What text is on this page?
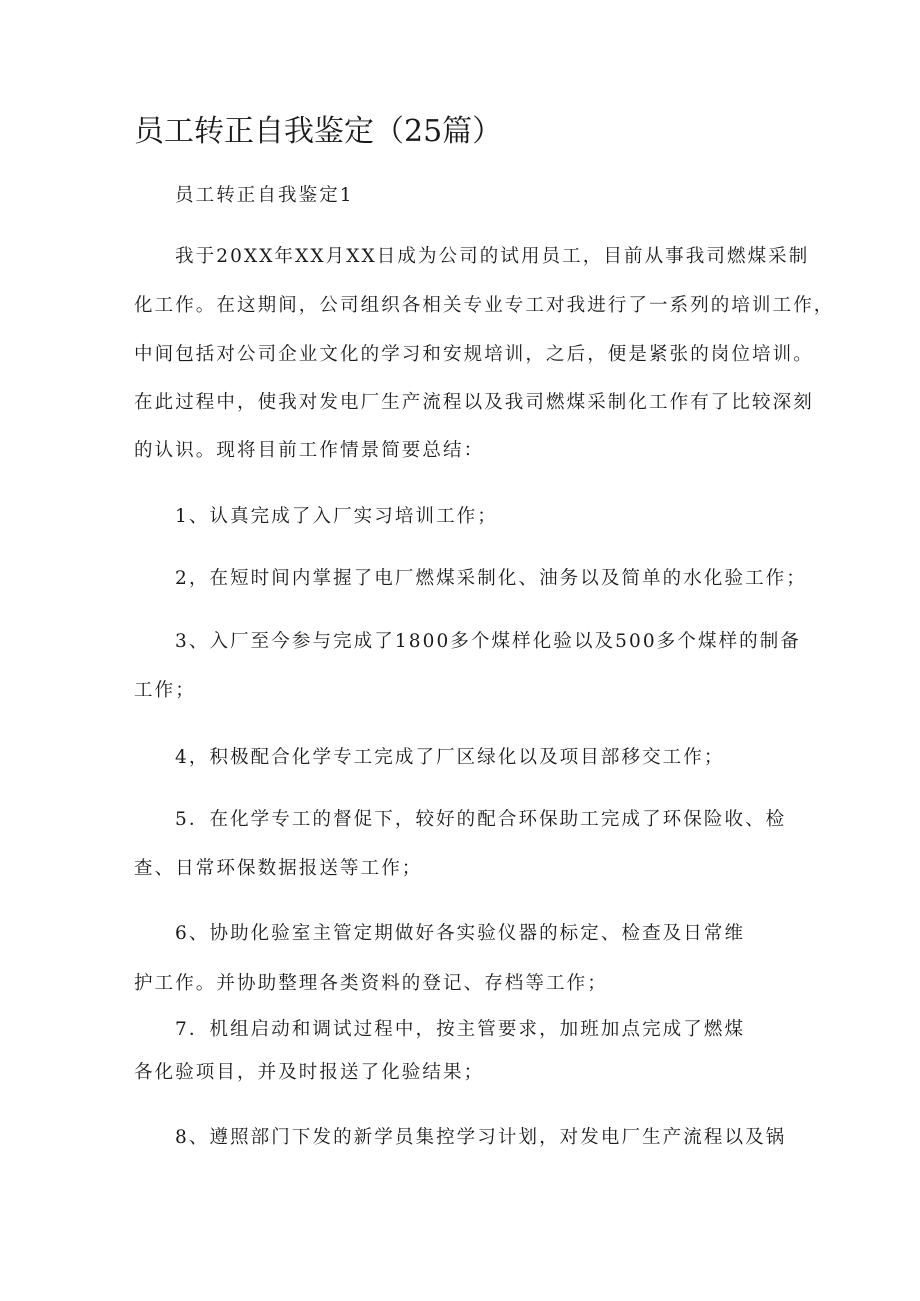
员工转正自我鉴定（25篇）
员工转正自我鉴定1
我于20XX年XX月XX日成为公司的试用员工，目前从事我司燃煤采制
化工作。在这期间，公司组织各相关专业专工对我进行了一系列的培训工作，
中间包括对公司企业文化的学习和安规培训，之后，便是紧张的岗位培训。
在此过程中，使我对发电厂生产流程以及我司燃煤采制化工作有了比较深刻
的认识。现将目前工作情景简要总结：
1、认真完成了入厂实习培训工作；
2，在短时间内掌握了电厂燃煤采制化、油务以及简单的水化验工作；
3、入厂至今参与完成了1800多个煤样化验以及500多个煤样的制备
工作；
4，积极配合化学专工完成了厂区绿化以及项目部移交工作；
5．在化学专工的督促下，较好的配合环保助工完成了环保险收、检
查、日常环保数据报送等工作；
6、协助化验室主管定期做好各实验仪器的标定、检查及日常维
护工作。并协助整理各类资料的登记、存档等工作；
7．机组启动和调试过程中，按主管要求，加班加点完成了燃煤
各化验项目，并及时报送了化验结果；
8、遵照部门下发的新学员集控学习计划，对发电厂生产流程以及锅
